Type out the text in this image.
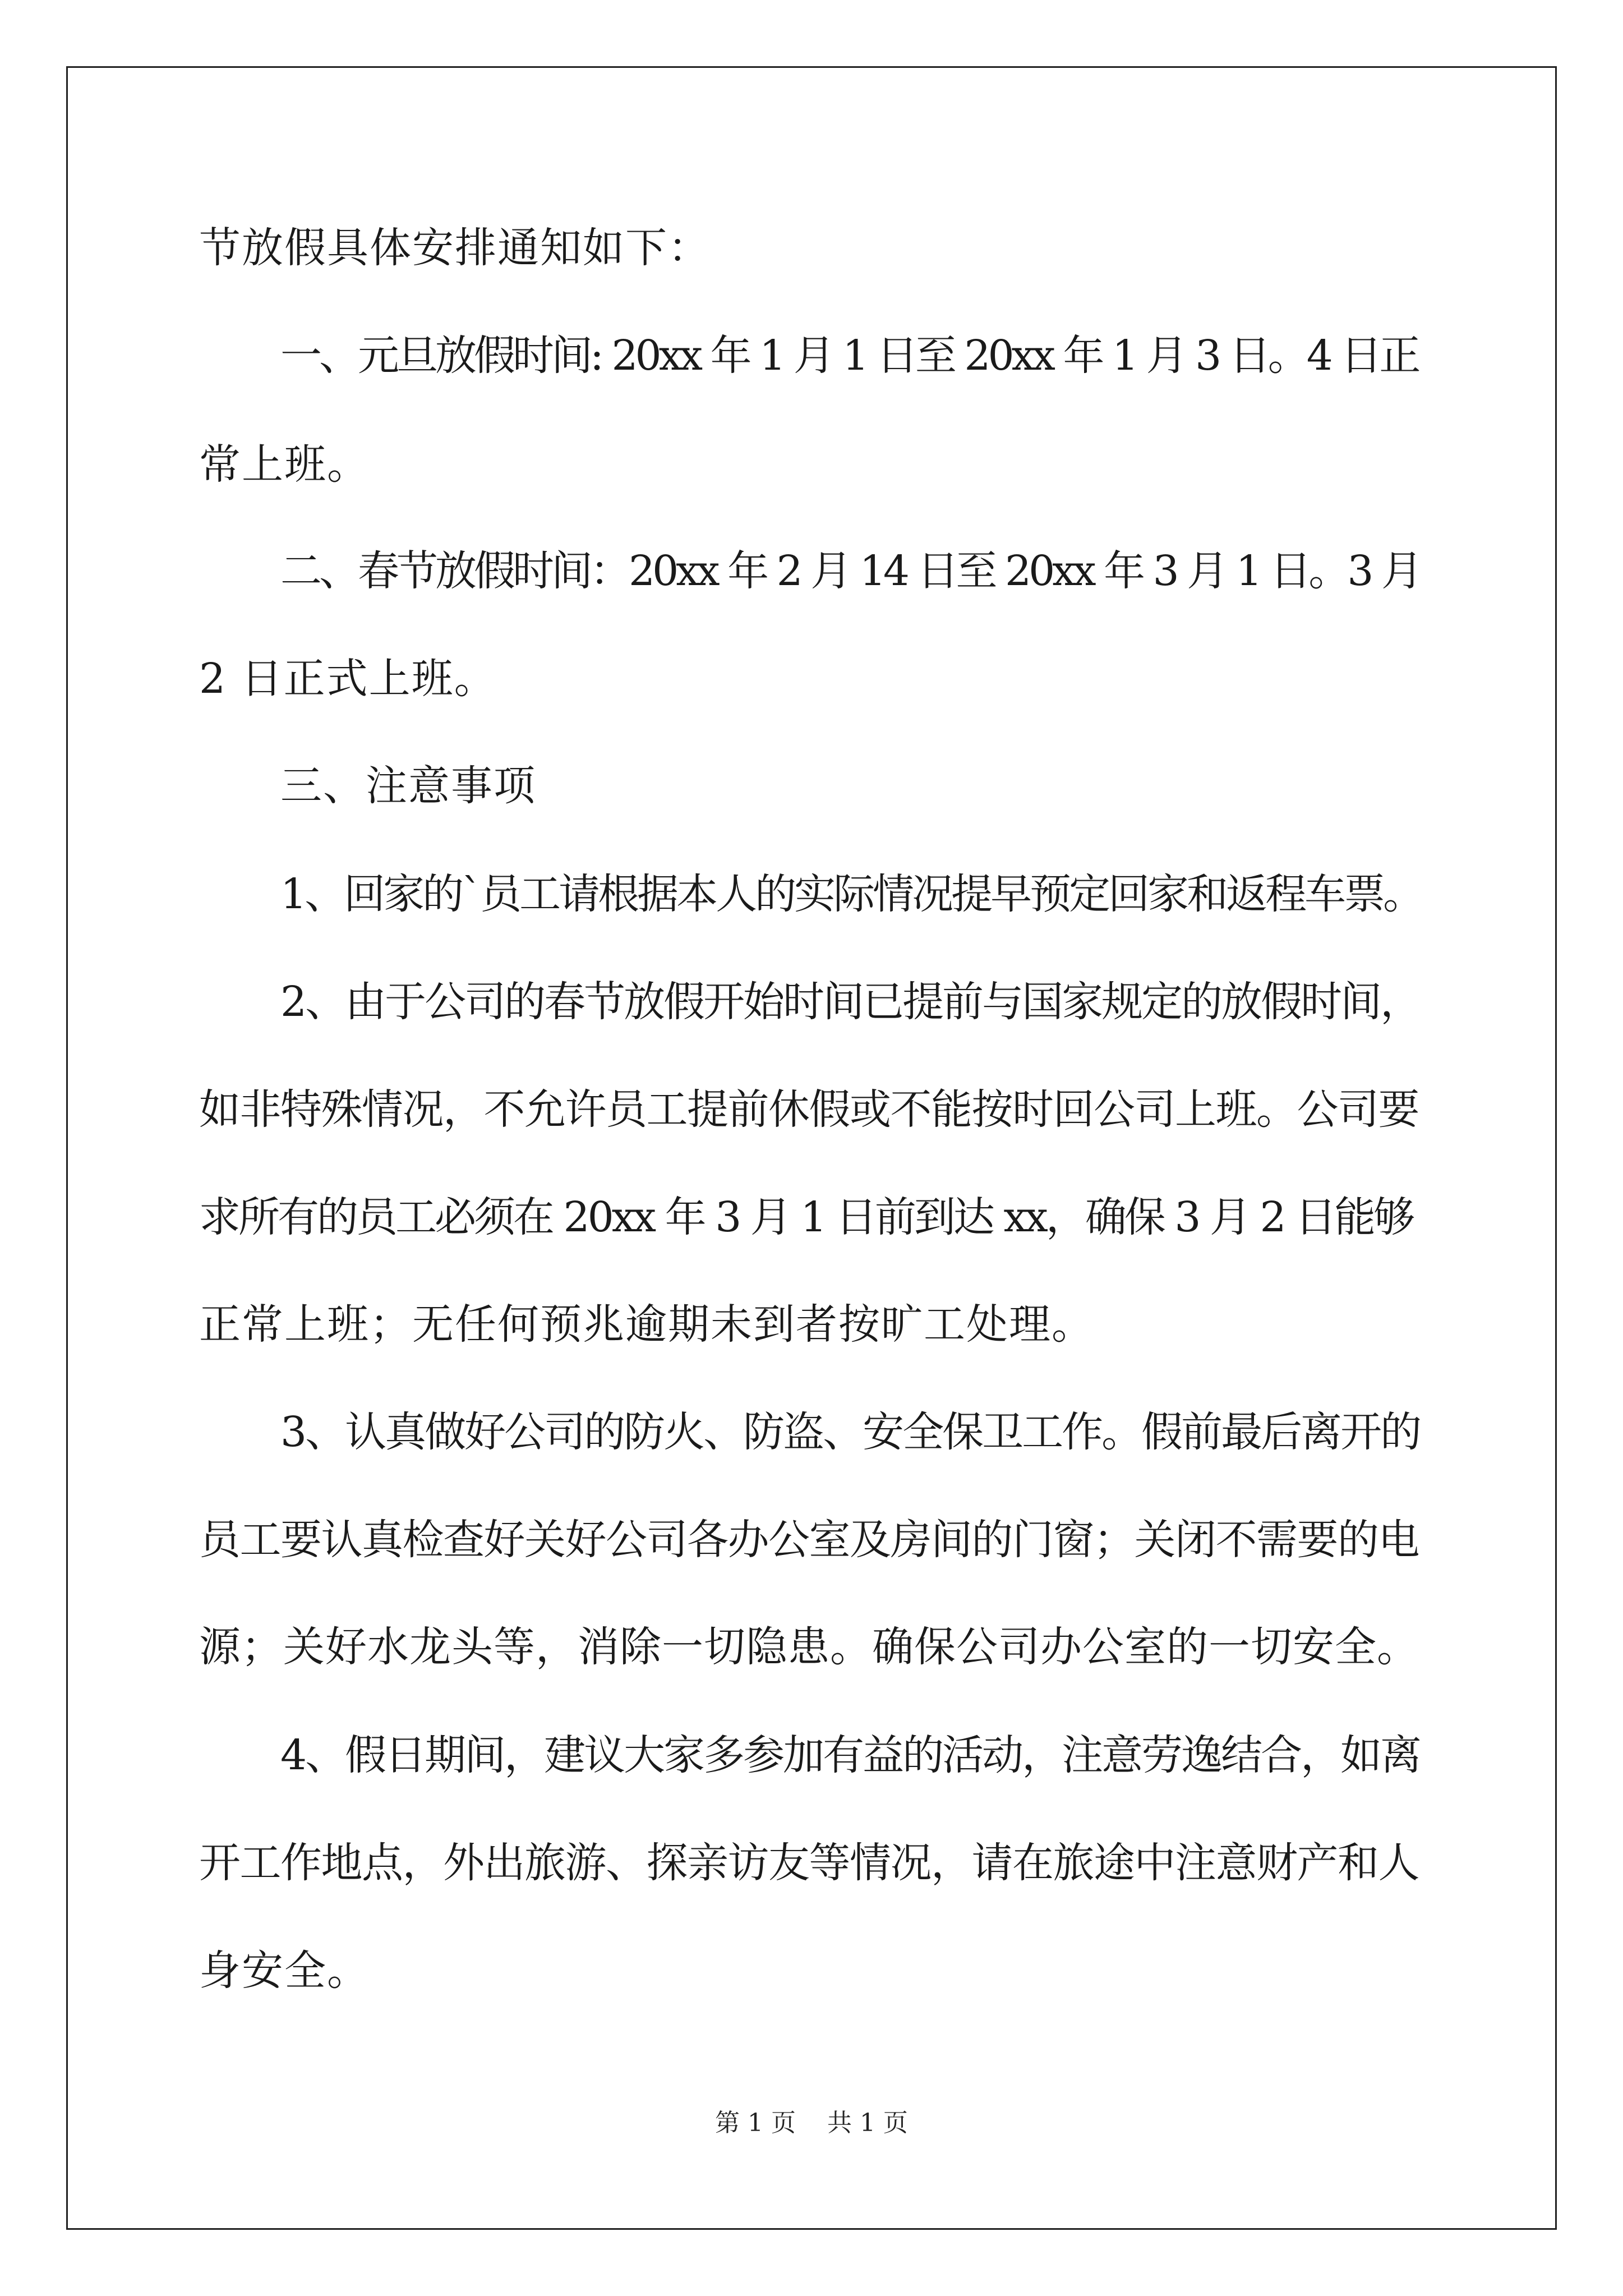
节放假具体安排通知如下：
一、元旦放假时间: 20xx 年 1 月 1 日至 20xx 年 1 月 3 日。4 日正
常上班。
二、春节放假时间：20xx 年 2 月 14 日至 20xx 年 3 月 1 日。3 月
2 日正式上班。
三、注意事项
1、回家的`员工请根据本人的实际情况提早预定回家和返程车票。
2、由于公司的春节放假开始时间已提前与国家规定的放假时间，
如非特殊情况，不允许员工提前休假或不能按时回公司上班。公司要
求所有的员工必须在 20xx 年 3 月 1 日前到达 xx，确保 3 月 2 日能够
正常上班；无任何预兆逾期未到者按旷工处理。
3、认真做好公司的防火、防盗、安全保卫工作。假前最后离开的
员工要认真检查好关好公司各办公室及房间的门窗；关闭不需要的电
源；关好水龙头等，消除一切隐患。确保公司办公室的一切安全。
4、假日期间，建议大家多参加有益的活动，注意劳逸结合，如离
开工作地点，外出旅游、探亲访友等情况，请在旅途中注意财产和人
身安全。
第 1 页    共 1 页
